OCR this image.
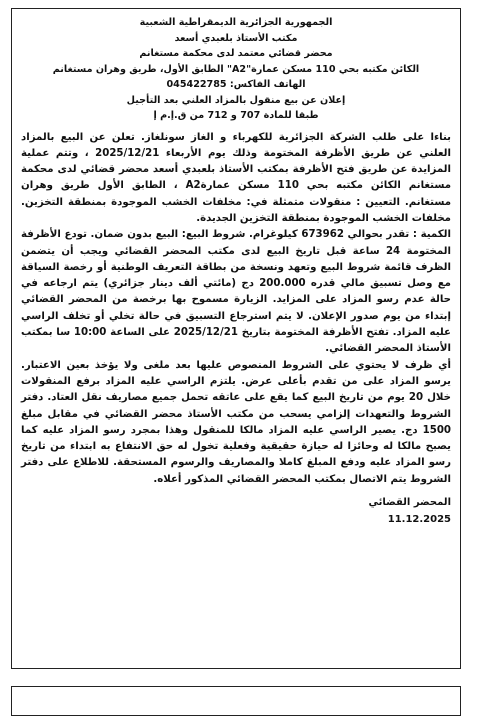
الجمهورية الجزائرية الديمقراطية الشعبية
مكتب الأستاذ بلعبدي أسعد
محضر قضائي معتمد لدى محكمة مستغانم
الكائن مكتبه بحي 110 مسكن عمارة"A2" الطابق الأول، طريق وهران مستغانم
الهاتف الفاكس: 045422785
إعلان عن بيع منقول بالمزاد العلني بعد التأجيل
طبقا للمادة 707 و 712 من ق.إ.م إ

بناءا على طلب الشركة الجزائرية للكهرباء و الغاز سونلغاز. تعلن عن البيع بالمزاد العلني عن طريق الأظرفة المختومة وذلك يوم الأربعاء 2025/12/21 ، وتتم عملية المزايدة عن طريق فتح الأظرفة بمكتب الأستاذ بلعبدي أسعد محضر قضائي لدى محكمة مستغانم الكائن مكتبه بحي 110 مسكن عمارةA2 ، الطابق الأول طريق وهران مستغانم. التعيين : منقولات متمثلة في: مخلفات الخشب الموجودة بمنطقة التخزين. مخلفات الخشب الموجودة بمنطقة التخزين الجديدة.

الكمية : تقدر بحوالي 673962 كيلوغرام. شروط البيع: البيع بدون ضمان. تودع الأظرفة المختومة 24 ساعة قبل تاريخ البيع لدى مكتب المحضر القضائي ويجب أن يتضمن الظرف قائمة شروط البيع وتعهد ونسخة من بطاقة التعريف الوطنية أو رخصة السياقة مع وصل تسبيق مالي قدره 200.000 دج (مائتي ألف دينار جزائري) يتم ارجاعه في حالة عدم رسو المزاد على المزايد. الزيارة مسموح بها برخصة من المحضر القضائي إبتداء من يوم صدور الإعلان. لا يتم استرجاع التسبيق في حالة تخلي أو تخلف الراسي عليه المزاد. تفتح الأظرفة المختومة بتاريخ 2025/12/21 على الساعة 10:00 سا بمكتب الأستاذ المحضر القضائي.

أي ظرف لا يحتوي على الشروط المنصوص عليها بعد ملغى ولا يؤخذ بعين الاعتبار. يرسو المزاد على من تقدم بأعلى عرض. يلتزم الراسي عليه المزاد برفع المنقولات خلال 20 يوم من تاريخ البيع كما يقع على عاتقه تحمل جميع مصاريف نقل العتاد. دفتر الشروط والتعهدات إلزامي يسحب من مكتب الأستاذ محضر القضائي في مقابل مبلغ 1500 دج. يصير الراسي عليه المزاد مالكا للمنقول وهذا بمجرد رسو المزاد عليه كما يصبح مالكا له وحائزا له حيازة حقيقية وفعلية تخول له حق الانتفاع به ابتداء من تاريخ رسو المزاد عليه ودفع المبلغ كاملا والمصاريف والرسوم المستحقة. للاطلاع على دفتر الشروط يتم الاتصال بمكتب المحضر القضائي المذكور أعلاه.

المحضر القضائي
11.12.2025
